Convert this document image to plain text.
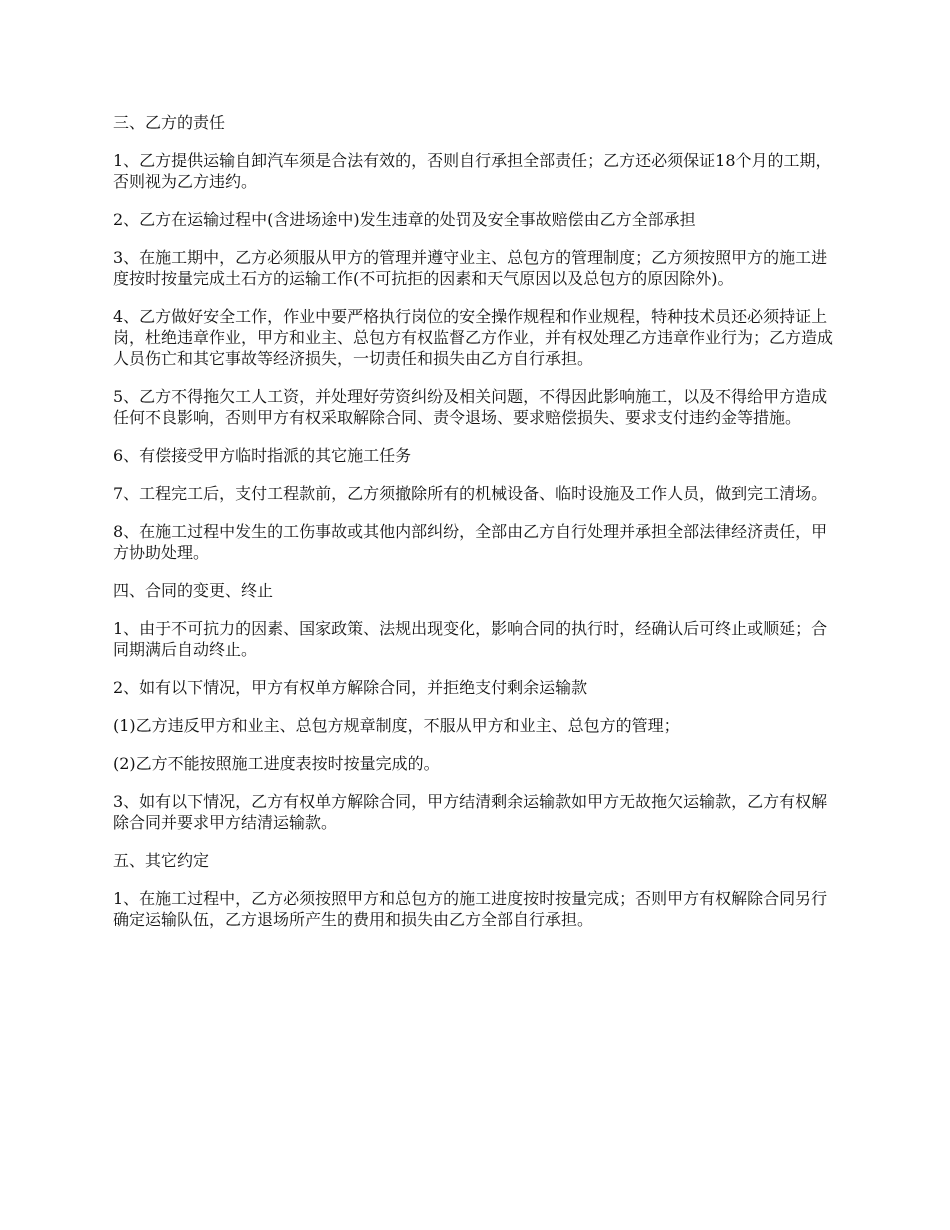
三、乙方的责任

1、乙方提供运输自卸汽车须是合法有效的，否则自行承担全部责任；乙方还必须保证18个月的工期，否则视为乙方违约。

2、乙方在运输过程中(含进场途中)发生违章的处罚及安全事故赔偿由乙方全部承担

3、在施工期中，乙方必须服从甲方的管理并遵守业主、总包方的管理制度；乙方须按照甲方的施工进度按时按量完成土石方的运输工作(不可抗拒的因素和天气原因以及总包方的原因除外)。

4、乙方做好安全工作，作业中要严格执行岗位的安全操作规程和作业规程，特种技术员还必须持证上岗，杜绝违章作业，甲方和业主、总包方有权监督乙方作业，并有权处理乙方违章作业行为；乙方造成人员伤亡和其它事故等经济损失，一切责任和损失由乙方自行承担。

5、乙方不得拖欠工人工资，并处理好劳资纠纷及相关问题，不得因此影响施工，以及不得给甲方造成任何不良影响，否则甲方有权采取解除合同、责令退场、要求赔偿损失、要求支付违约金等措施。

6、有偿接受甲方临时指派的其它施工任务

7、工程完工后，支付工程款前，乙方须撤除所有的机械设备、临时设施及工作人员，做到完工清场。

8、在施工过程中发生的工伤事故或其他内部纠纷，全部由乙方自行处理并承担全部法律经济责任，甲方协助处理。

四、合同的变更、终止

1、由于不可抗力的因素、国家政策、法规出现变化，影响合同的执行时，经确认后可终止或顺延；合同期满后自动终止。

2、如有以下情况，甲方有权单方解除合同，并拒绝支付剩余运输款

(1)乙方违反甲方和业主、总包方规章制度，不服从甲方和业主、总包方的管理；

(2)乙方不能按照施工进度表按时按量完成的。

3、如有以下情况，乙方有权单方解除合同，甲方结清剩余运输款如甲方无故拖欠运输款，乙方有权解除合同并要求甲方结清运输款。

五、其它约定

1、在施工过程中，乙方必须按照甲方和总包方的施工进度按时按量完成；否则甲方有权解除合同另行确定运输队伍，乙方退场所产生的费用和损失由乙方全部自行承担。
